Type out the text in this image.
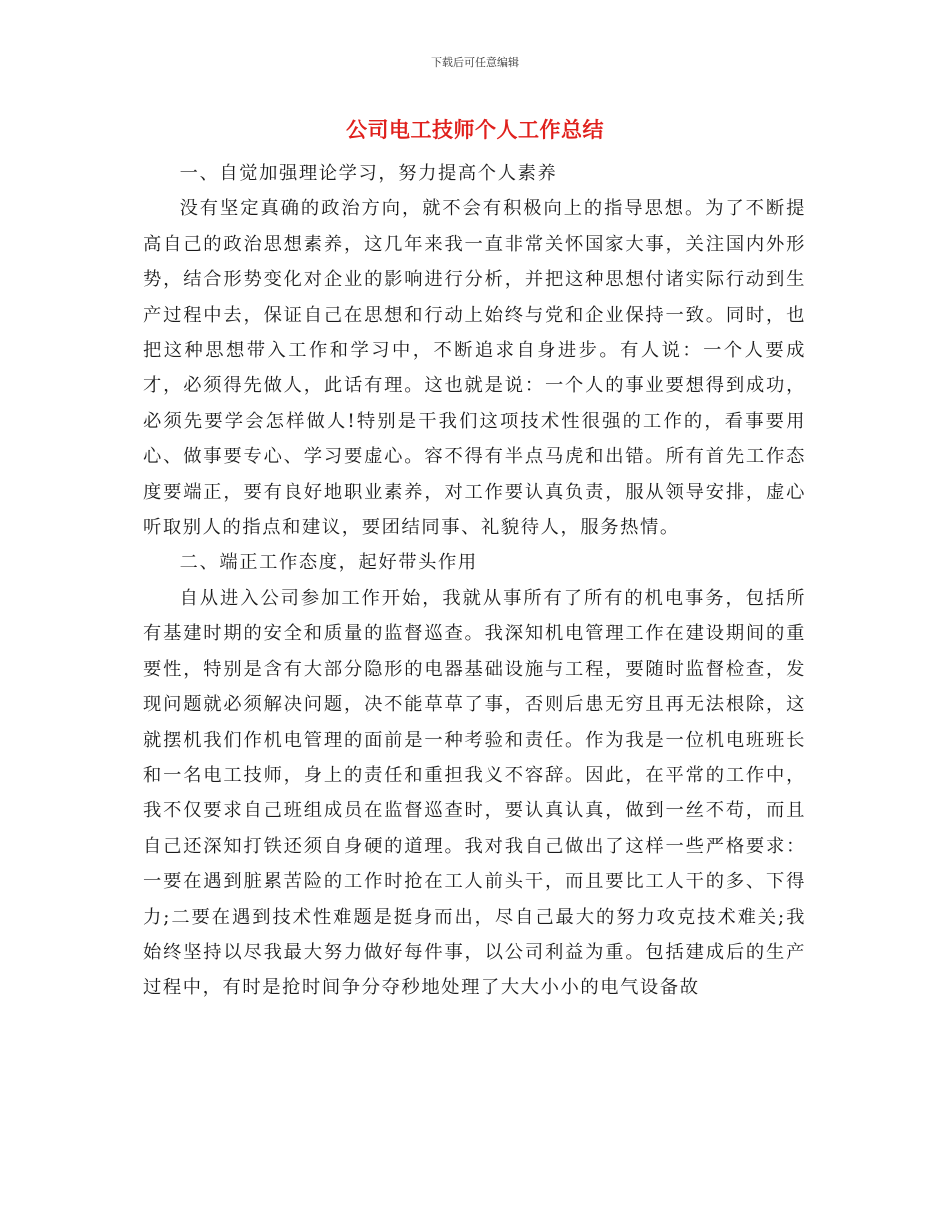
下载后可任意编辑
公司电工技师个人工作总结

一、自觉加强理论学习，努力提高个人素养

没有坚定真确的政治方向，就不会有积极向上的指导思想。为了不断提高自己的政治思想素养，这几年来我一直非常关怀国家大事，关注国内外形势，结合形势变化对企业的影响进行分析，并把这种思想付诸实际行动到生产过程中去，保证自己在思想和行动上始终与党和企业保持一致。同时，也把这种思想带入工作和学习中，不断追求自身进步。有人说：一个人要成才，必须得先做人，此话有理。这也就是说：一个人的事业要想得到成功，必须先要学会怎样做人!特别是干我们这项技术性很强的工作的，看事要用心、做事要专心、学习要虚心。容不得有半点马虎和出错。所有首先工作态度要端正，要有良好地职业素养，对工作要认真负责，服从领导安排，虚心听取别人的指点和建议，要团结同事、礼貌待人，服务热情。

二、端正工作态度，起好带头作用

自从进入公司参加工作开始，我就从事所有了所有的机电事务，包括所有基建时期的安全和质量的监督巡查。我深知机电管理工作在建设期间的重要性，特别是含有大部分隐形的电器基础设施与工程，要随时监督检查，发现问题就必须解决问题，决不能草草了事，否则后患无穷且再无法根除，这就摆机我们作机电管理的面前是一种考验和责任。作为我是一位机电班班长和一名电工技师，身上的责任和重担我义不容辞。因此，在平常的工作中，我不仅要求自己班组成员在监督巡查时，要认真认真，做到一丝不苟，而且自己还深知打铁还须自身硬的道理。我对我自己做出了这样一些严格要求：一要在遇到脏累苦险的工作时抢在工人前头干，而且要比工人干的多、下得力;二要在遇到技术性难题是挺身而出，尽自己最大的努力攻克技术难关;我始终坚持以尽我最大努力做好每件事，以公司利益为重。包括建成后的生产过程中，有时是抢时间争分夺秒地处理了大大小小的电气设备故
